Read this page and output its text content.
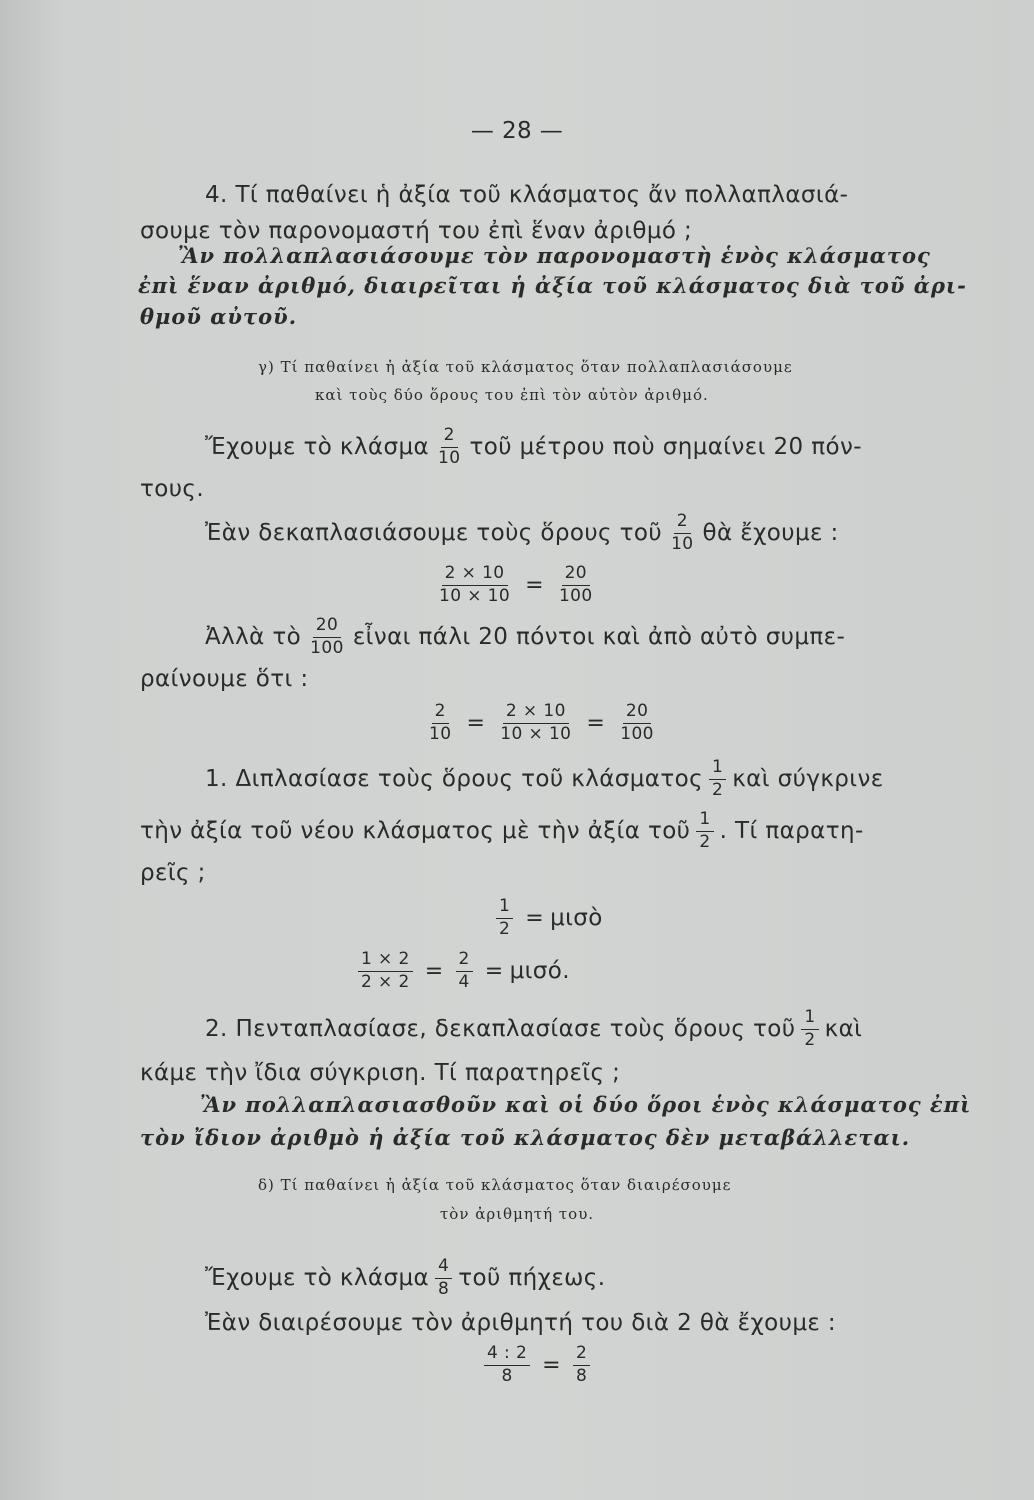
— 28 —
4. Τί παθαίνει ἡ ἀξία τοῦ κλάσματος ἄν πολλαπλασιά-
σουμε τὸν παρονομαστή του ἐπὶ ἕναν ἀριθμό ;
Ἂν πολλαπλασιάσουμε τὸν παρονομαστὴ ἑνὸς κλάσματος
ἐπὶ ἕναν ἀριθμό, διαιρεῖται ἡ ἀξία τοῦ κλάσματος διὰ τοῦ ἀρι-
θμοῦ αὐτοῦ.
γ) Τί παθαίνει ἡ ἀξία τοῦ κλάσματος ὅταν πολλαπλασιάσουμε
καὶ τοὺς δύο ὅρους του ἐπὶ τὸν αὐτὸν ἀριθμό.
Ἔχουμε τὸ κλάσμα $\frac{2}{10}$ τοῦ μέτρου ποὺ σημαίνει 20 πόν-
τους.
Ἐὰν δεκαπλασιάσουμε τοὺς ὅρους τοῦ $\frac{2}{10}$ θὰ ἔχουμε :
$\frac{2 \times 10}{10 \times 10} = \frac{20}{100}$
Ἀλλὰ τὸ $\frac{20}{100}$ εἶναι πάλι 20 πόντοι καὶ ἀπὸ αὐτὸ συμπε-
ραίνουμε ὅτι :
$\frac{2}{10} = \frac{2 \times 10}{10 \times 10} = \frac{20}{100}$
1. Διπλασίασε τοὺς ὅρους τοῦ κλάσματος $\frac{1}{2}$ καὶ σύγκρινε
τὴν ἀξία τοῦ νέου κλάσματος μὲ τὴν ἀξία τοῦ $\frac{1}{2}$ . Τί παρατη-
ρεῖς ;
$\frac{1}{2}$ = μισὸ
$\frac{1 \times 2}{2 \times 2} = \frac{2}{4} = \mu\iota\sigma ό$.
2. Πενταπλασίασε, δεκαπλασίασε τοὺς ὅρους τοῦ $\frac{1}{2}$ καὶ
κάμε τὴν ἴδια σύγκριση. Τί παρατηρεῖς ;
Ἂν πολλαπλασιασθοῦν καὶ οἱ δύο ὅροι ἑνὸς κλάσματος ἐπὶ
τὸν ἴδιον ἀριθμὸ ἡ ἀξία τοῦ κλάσματος δὲν μεταβάλλεται.
δ) Τί παθαίνει ἡ ἀξία τοῦ κλάσματος ὅταν διαιρέσουμε
τὸν ἀριθμητή του.
Ἔχουμε τὸ κλάσμα $\frac{4}{8}$ τοῦ πήχεως.
Ἐὰν διαιρέσουμε τὸν ἀριθμητή του διὰ 2 θὰ ἔχουμε :
$\frac{4 : 2}{8} = \frac{2}{8}$
